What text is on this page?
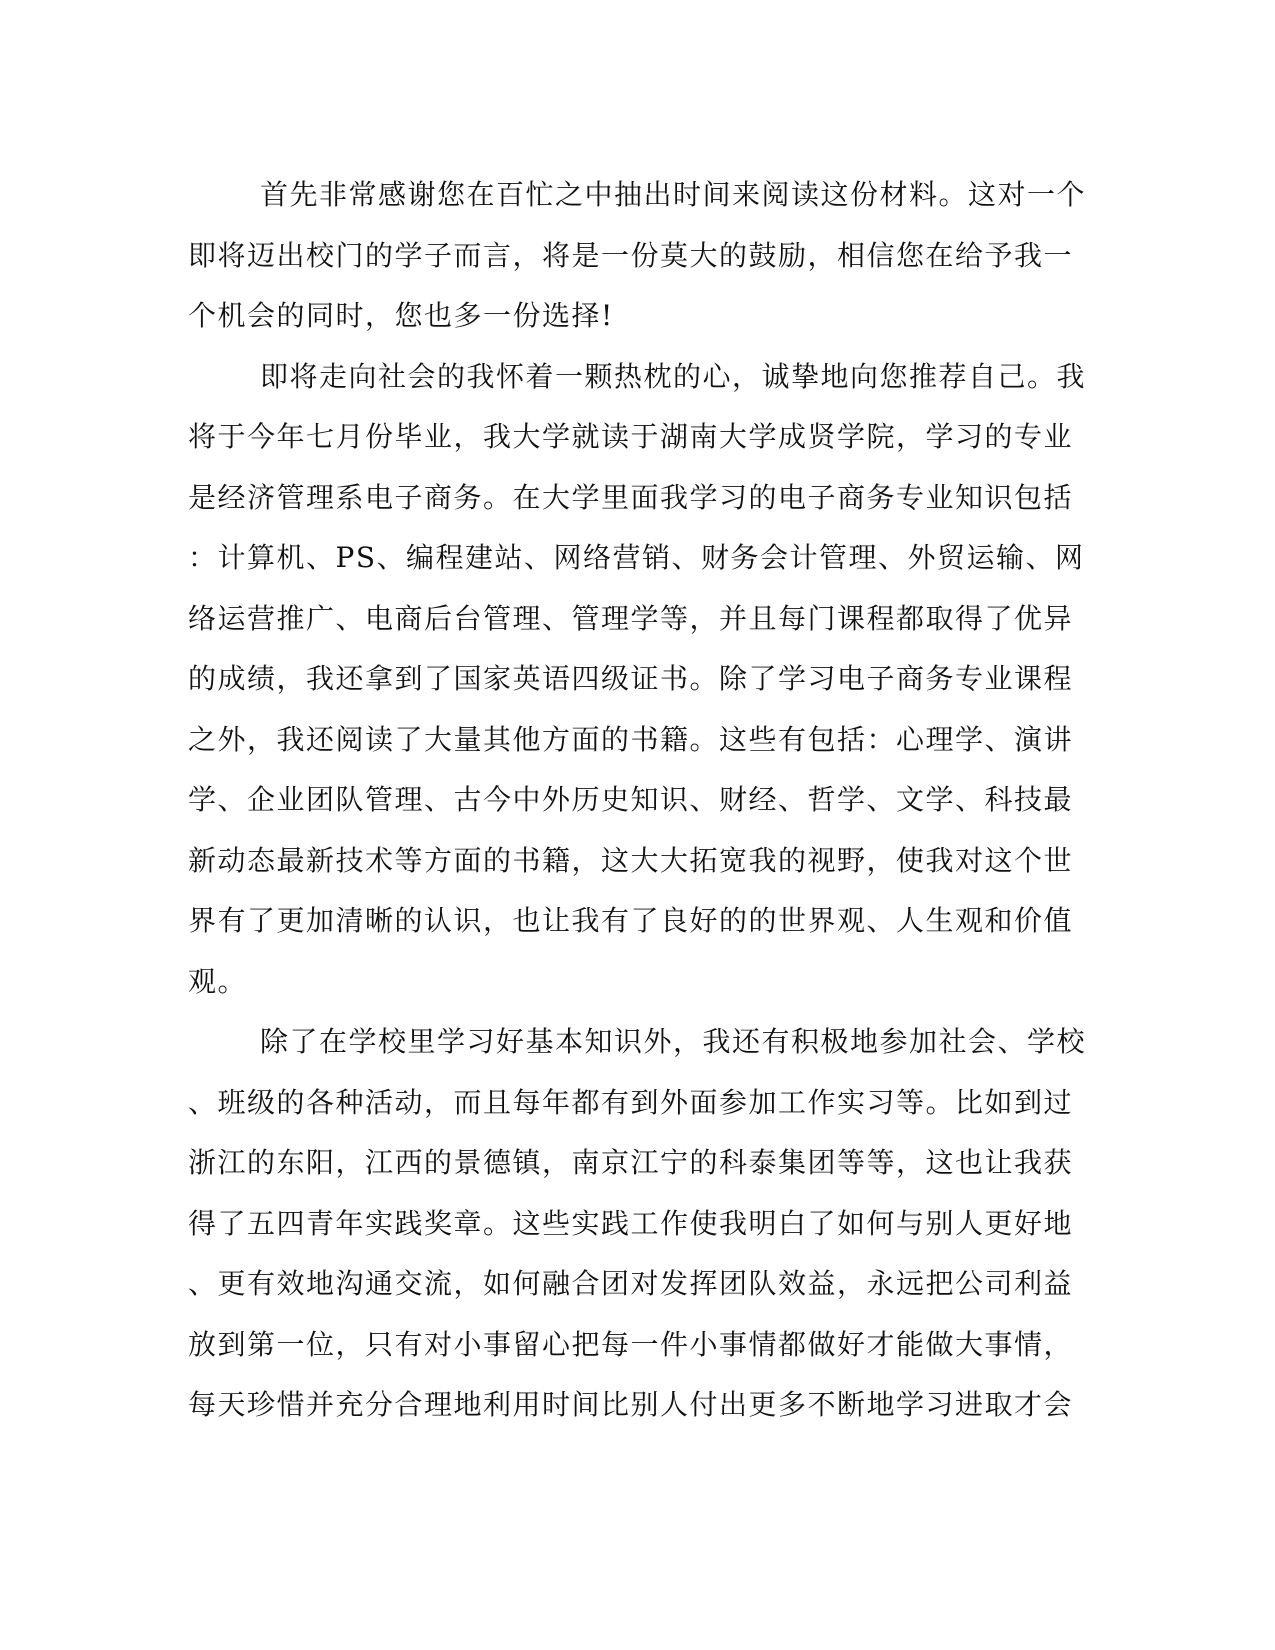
首先非常感谢您在百忙之中抽出时间来阅读这份材料。这对一个
即将迈出校门的学子而言，将是一份莫大的鼓励，相信您在给予我一
个机会的同时，您也多一份选择!
即将走向社会的我怀着一颗热枕的心，诚挚地向您推荐自己。我
将于今年七月份毕业，我大学就读于湖南大学成贤学院，学习的专业
是经济管理系电子商务。在大学里面我学习的电子商务专业知识包括
：计算机、PS、编程建站、网络营销、财务会计管理、外贸运输、网
络运营推广、电商后台管理、管理学等，并且每门课程都取得了优异
的成绩，我还拿到了国家英语四级证书。除了学习电子商务专业课程
之外，我还阅读了大量其他方面的书籍。这些有包括：心理学、演讲
学、企业团队管理、古今中外历史知识、财经、哲学、文学、科技最
新动态最新技术等方面的书籍，这大大拓宽我的视野，使我对这个世
界有了更加清晰的认识，也让我有了良好的的世界观、人生观和价值
观。
除了在学校里学习好基本知识外，我还有积极地参加社会、学校
、班级的各种活动，而且每年都有到外面参加工作实习等。比如到过
浙江的东阳，江西的景德镇，南京江宁的科泰集团等等，这也让我获
得了五四青年实践奖章。这些实践工作使我明白了如何与别人更好地
、更有效地沟通交流，如何融合团对发挥团队效益，永远把公司利益
放到第一位，只有对小事留心把每一件小事情都做好才能做大事情，
每天珍惜并充分合理地利用时间比别人付出更多不断地学习进取才会
